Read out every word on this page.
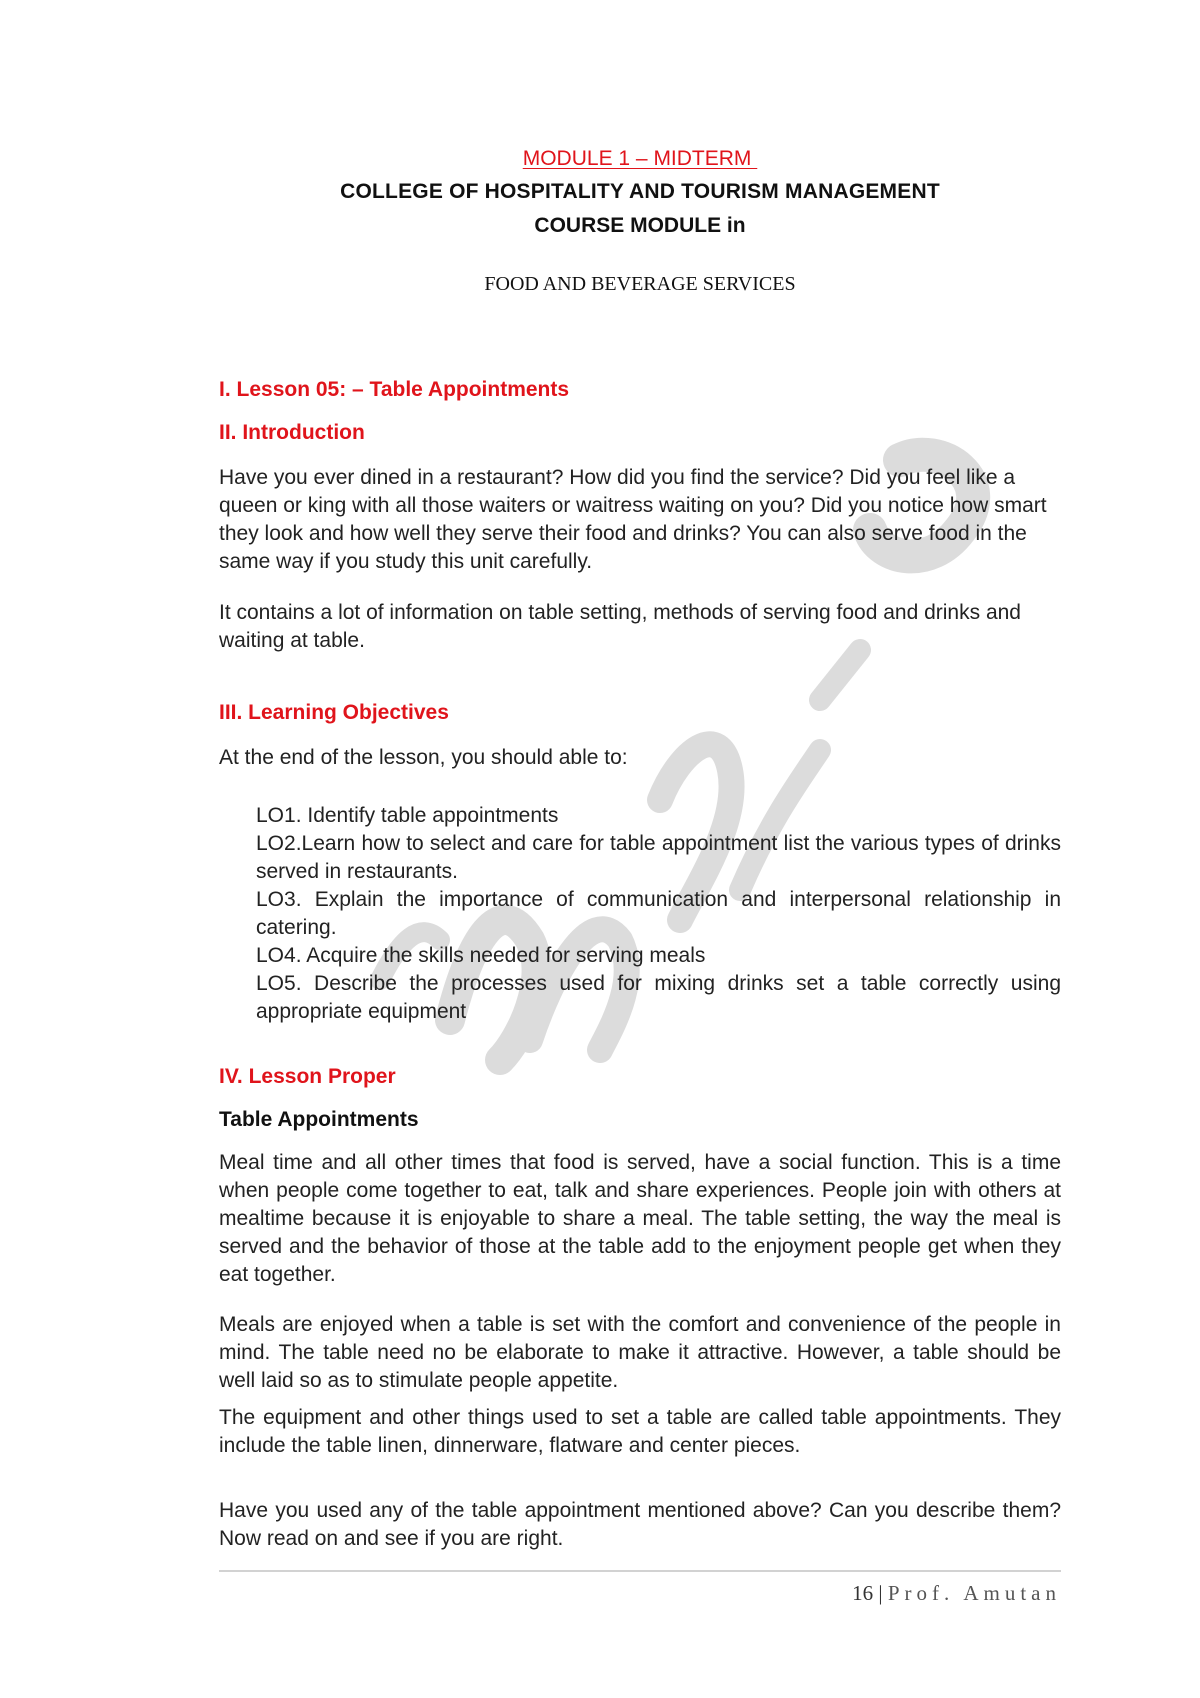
MODULE 1 – MIDTERM
COLLEGE OF HOSPITALITY AND TOURISM MANAGEMENT
COURSE MODULE in
FOOD AND BEVERAGE SERVICES
I. Lesson 05: – Table Appointments
II. Introduction
Have you ever dined in a restaurant? How did you find the service? Did you feel like a queen or king with all those waiters or waitress waiting on you? Did you notice how smart they look and how well they serve their food and drinks? You can also serve food in the same way if you study this unit carefully.
It contains a lot of information on table setting, methods of serving food and drinks and waiting at table.
III. Learning Objectives
At the end of the lesson, you should able to:

LO1. Identify table appointments

LO2.Learn how to select and care for table appointment list the various types of drinks served in restaurants.

LO3. Explain the importance of communication and interpersonal relationship in catering.

LO4. Acquire the skills needed for serving meals

LO5. Describe the processes used for mixing drinks set a table correctly using appropriate equipment

IV. Lesson Proper
Table Appointments
Meal time and all other times that food is served, have a social function. This is a time when people come together to eat, talk and share experiences. People join with others at mealtime because it is enjoyable to share a meal. The table setting, the way the meal is served and the behavior of those at the table add to the enjoyment people get when they eat together.
Meals are enjoyed when a table is set with the comfort and convenience of the people in mind. The table need no be elaborate to make it attractive. However, a table should be well laid so as to stimulate people appetite.
The equipment and other things used to set a table are called table appointments. They include the table linen, dinnerware, flatware and center pieces.
Have you used any of the table appointment mentioned above? Can you describe them? Now read on and see if you are right.
16 | Prof. Amutan
